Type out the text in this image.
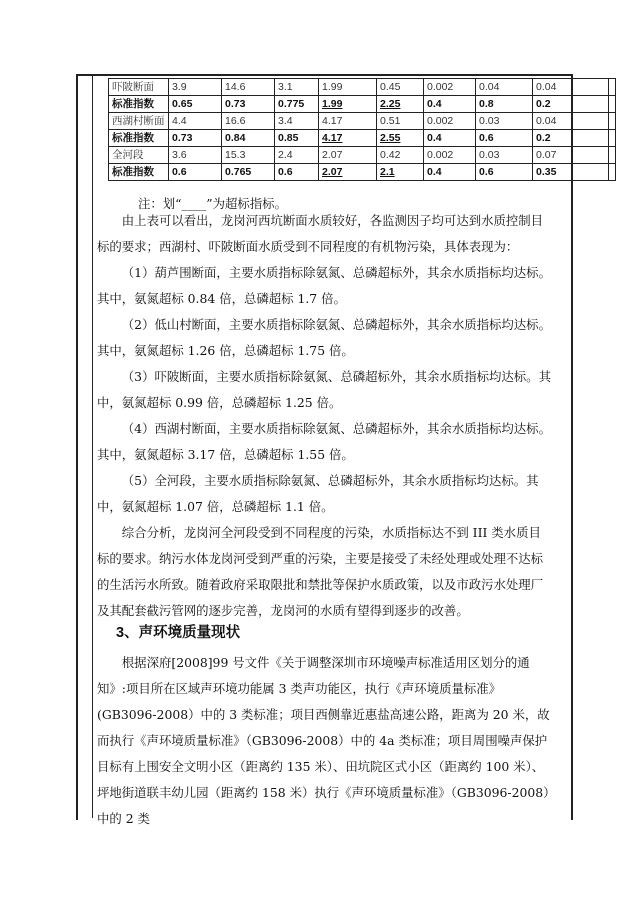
吓陂断面	3.9	14.6	3.1	1.99	0.45	0.002	0.04	0.04	
标准指数	0.65	0.73	0.775	1.99	2.25	0.4	0.8	0.2	
西湖村断面	4.4	16.6	3.4	4.17	0.51	0.002	0.03	0.04	
标准指数	0.73	0.84	0.85	4.17	2.55	0.4	0.6	0.2	
全河段	3.6	15.3	2.4	2.07	0.42	0.002	0.03	0.07	
标准指数	0.6	0.765	0.6	2.07	2.1	0.4	0.6	0.35	
注：划“____”为超标指标。
由上表可以看出，龙岗河西坑断面水质较好，各监测因子均可达到水质控制目标的要求；西湖村、吓陂断面水质受到不同程度的有机物污染，具体表现为：
（1）葫芦围断面，主要水质指标除氨氮、总磷超标外，其余水质指标均达标。其中，氨氮超标 0.84 倍，总磷超标 1.7 倍。
（2）低山村断面，主要水质指标除氨氮、总磷超标外，其余水质指标均达标。其中，氨氮超标 1.26 倍，总磷超标 1.75 倍。
（3）吓陂断面，主要水质指标除氨氮、总磷超标外，其余水质指标均达标。其中，氨氮超标 0.99 倍，总磷超标 1.25 倍。
（4）西湖村断面，主要水质指标除氨氮、总磷超标外，其余水质指标均达标。其中，氨氮超标 3.17 倍，总磷超标 1.55 倍。
（5）全河段，主要水质指标除氨氮、总磷超标外，其余水质指标均达标。其中，氨氮超标 1.07 倍，总磷超标 1.1 倍。
综合分析，龙岗河全河段受到不同程度的污染，水质指标达不到 III 类水质目标的要求。纳污水体龙岗河受到严重的污染，主要是接受了未经处理或处理不达标的生活污水所致。随着政府采取限批和禁批等保护水质政策，以及市政污水处理厂及其配套截污管网的逐步完善，龙岗河的水质有望得到逐步的改善。
3、声环境质量现状
根据深府[2008]99 号文件《关于调整深圳市环境噪声标准适用区划分的通知》:项目所在区域声环境功能属 3 类声功能区，执行《声环境质量标准》(GB3096-2008）中的 3 类标准；项目西侧靠近惠盐高速公路，距离为 20 米，故而执行《声环境质量标准》（GB3096-2008）中的 4a 类标准；项目周围噪声保护目标有上围安全文明小区（距离约 135 米）、田坑院区式小区（距离约 100 米）、坪地街道联丰幼儿园（距离约 158 米）执行《声环境质量标准》（GB3096-2008）中的 2 类
